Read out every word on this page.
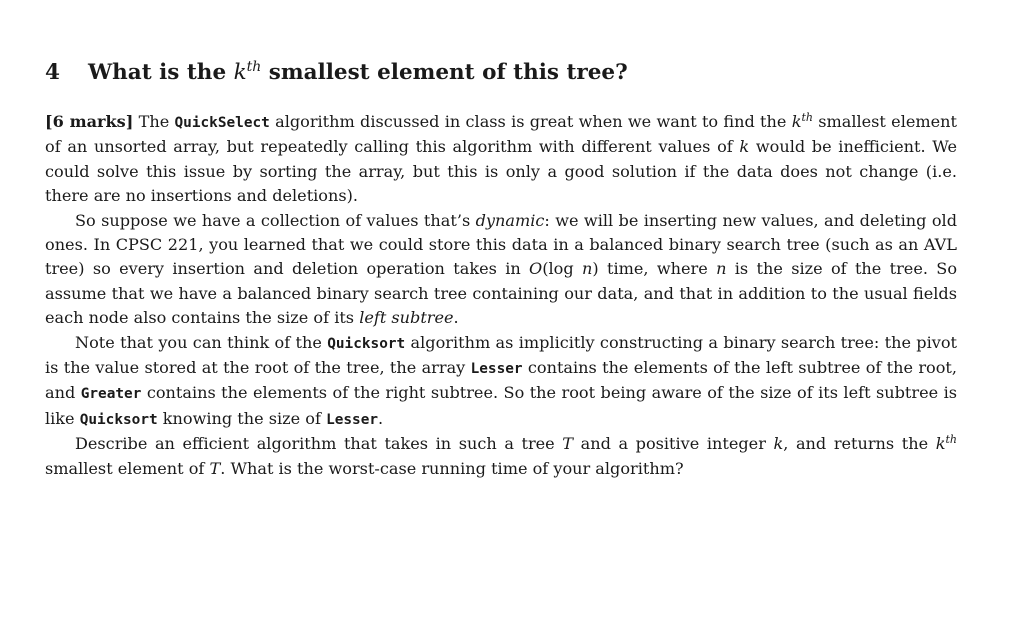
4 What is the $k^{th}$ smallest element of this tree?

[6 marks] The QuickSelect algorithm discussed in class is great when we want to find the $k^{th}$ smallest element of an unsorted array, but repeatedly calling this algorithm with different values of k would be inefficient. We could solve this issue by sorting the array, but this is only a good solution if the data does not change (i.e. there are no insertions and deletions).

So suppose we have a collection of values that’s dynamic: we will be inserting new values, and deleting old ones. In CPSC 221, you learned that we could store this data in a balanced binary search tree (such as an AVL tree) so every insertion and deletion operation takes in O(log n) time, where n is the size of the tree. So assume that we have a balanced binary search tree containing our data, and that in addition to the usual fields each node also contains the size of its left subtree.

Note that you can think of the Quicksort algorithm as implicitly constructing a binary search tree: the pivot is the value stored at the root of the tree, the array Lesser contains the elements of the left subtree of the root, and Greater contains the elements of the right subtree. So the root being aware of the size of its left subtree is like Quicksort knowing the size of Lesser.

Describe an efficient algorithm that takes in such a tree T and a positive integer k, and returns the $k^{th}$ smallest element of T. What is the worst-case running time of your algorithm?
